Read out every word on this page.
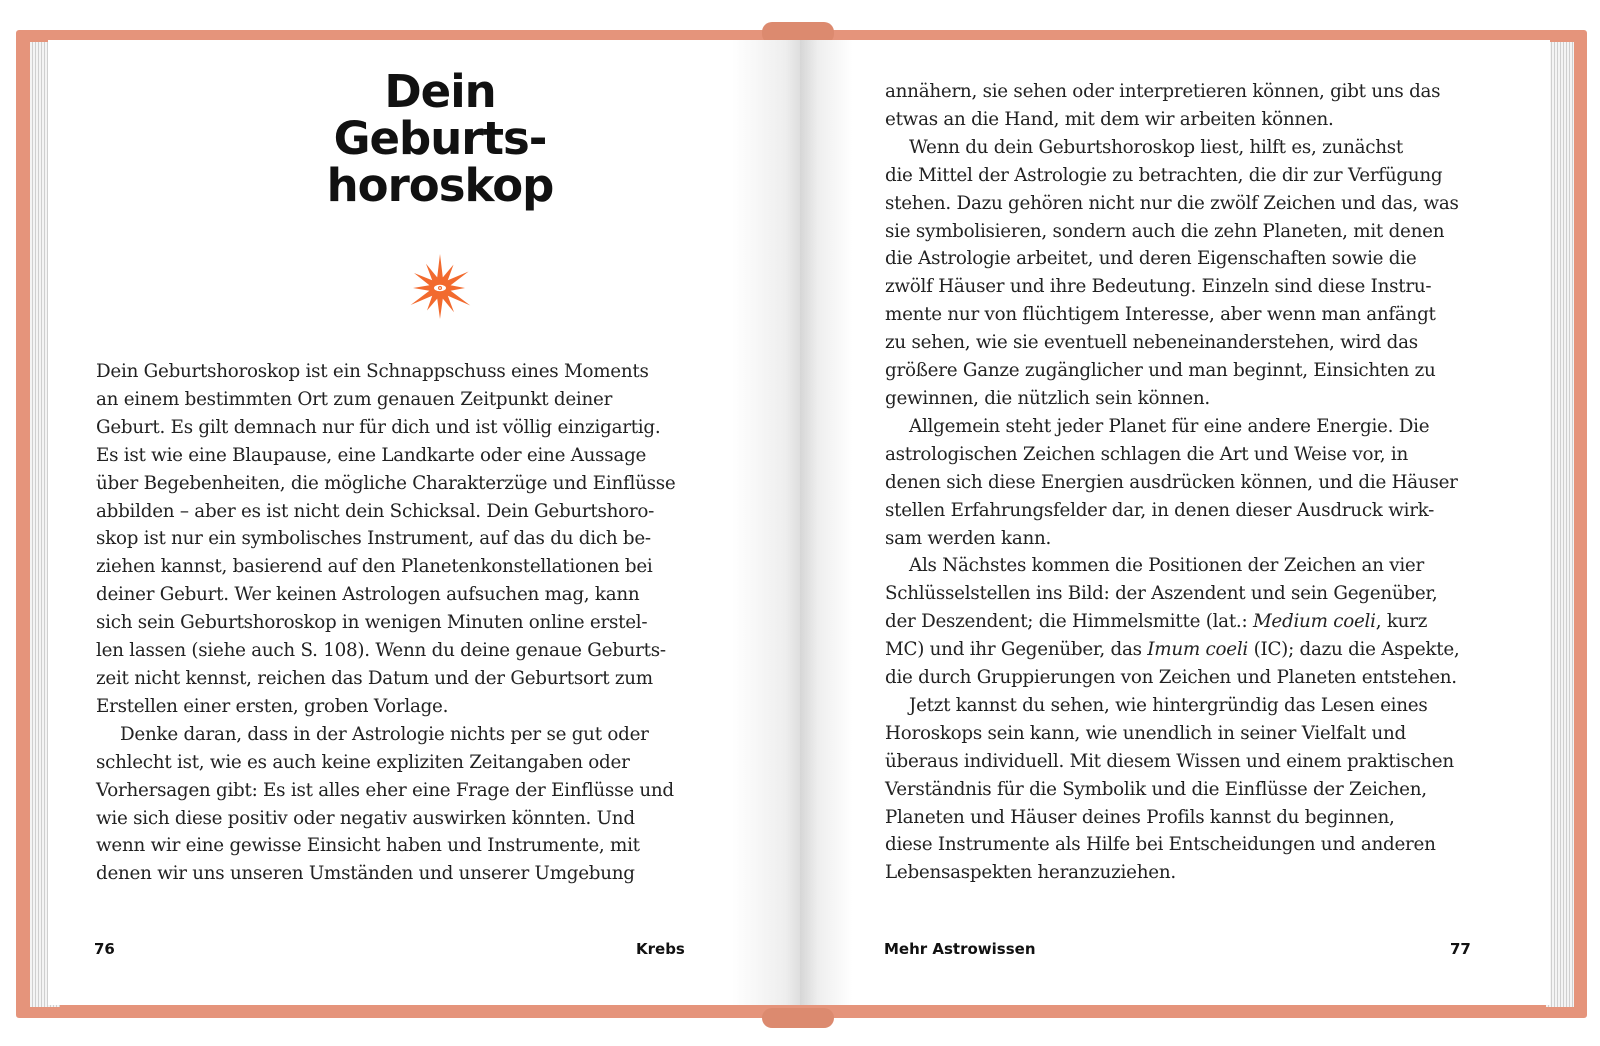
Dein
Geburts-
horoskop
Dein Geburtshoroskop ist ein Schnappschuss eines Moments
an einem bestimmten Ort zum genauen Zeitpunkt deiner
Geburt. Es gilt demnach nur für dich und ist völlig einzigartig.
Es ist wie eine Blaupause, eine Landkarte oder eine Aussage
über Begebenheiten, die mögliche Charakterzüge und Einflüsse
abbilden – aber es ist nicht dein Schicksal. Dein Geburtshoro-
skop ist nur ein symbolisches Instrument, auf das du dich be-
ziehen kannst, basierend auf den Planetenkonstellationen bei
deiner Geburt. Wer keinen Astrologen aufsuchen mag, kann
sich sein Geburtshoroskop in wenigen Minuten online erstel-
len lassen (siehe auch S. 108). Wenn du deine genaue Geburts-
zeit nicht kennst, reichen das Datum und der Geburtsort zum
Erstellen einer ersten, groben Vorlage.
Denke daran, dass in der Astrologie nichts per se gut oder
schlecht ist, wie es auch keine expliziten Zeitangaben oder
Vorhersagen gibt: Es ist alles eher eine Frage der Einflüsse und
wie sich diese positiv oder negativ auswirken könnten. Und
wenn wir eine gewisse Einsicht haben und Instrumente, mit
denen wir uns unseren Umständen und unserer Umgebung
76	Krebs
annähern, sie sehen oder interpretieren können, gibt uns das
etwas an die Hand, mit dem wir arbeiten können.
Wenn du dein Geburtshoroskop liest, hilft es, zunächst
die Mittel der Astrologie zu betrachten, die dir zur Verfügung
stehen. Dazu gehören nicht nur die zwölf Zeichen und das, was
sie symbolisieren, sondern auch die zehn Planeten, mit denen
die Astrologie arbeitet, und deren Eigenschaften sowie die
zwölf Häuser und ihre Bedeutung. Einzeln sind diese Instru-
mente nur von flüchtigem Interesse, aber wenn man anfängt
zu sehen, wie sie eventuell nebeneinanderstehen, wird das
größere Ganze zugänglicher und man beginnt, Einsichten zu
gewinnen, die nützlich sein können.
Allgemein steht jeder Planet für eine andere Energie. Die
astrologischen Zeichen schlagen die Art und Weise vor, in
denen sich diese Energien ausdrücken können, und die Häuser
stellen Erfahrungsfelder dar, in denen dieser Ausdruck wirk-
sam werden kann.
Als Nächstes kommen die Positionen der Zeichen an vier
Schlüsselstellen ins Bild: der Aszendent und sein Gegenüber,
der Deszendent; die Himmelsmitte (lat.: Medium coeli, kurz
MC) und ihr Gegenüber, das Imum coeli (IC); dazu die Aspekte,
die durch Gruppierungen von Zeichen und Planeten entstehen.
Jetzt kannst du sehen, wie hintergründig das Lesen eines
Horoskops sein kann, wie unendlich in seiner Vielfalt und
überaus individuell. Mit diesem Wissen und einem praktischen
Verständnis für die Symbolik und die Einflüsse der Zeichen,
Planeten und Häuser deines Profils kannst du beginnen,
diese Instrumente als Hilfe bei Entscheidungen und anderen
Lebensaspekten heranzuziehen.
Mehr Astrowissen	77
